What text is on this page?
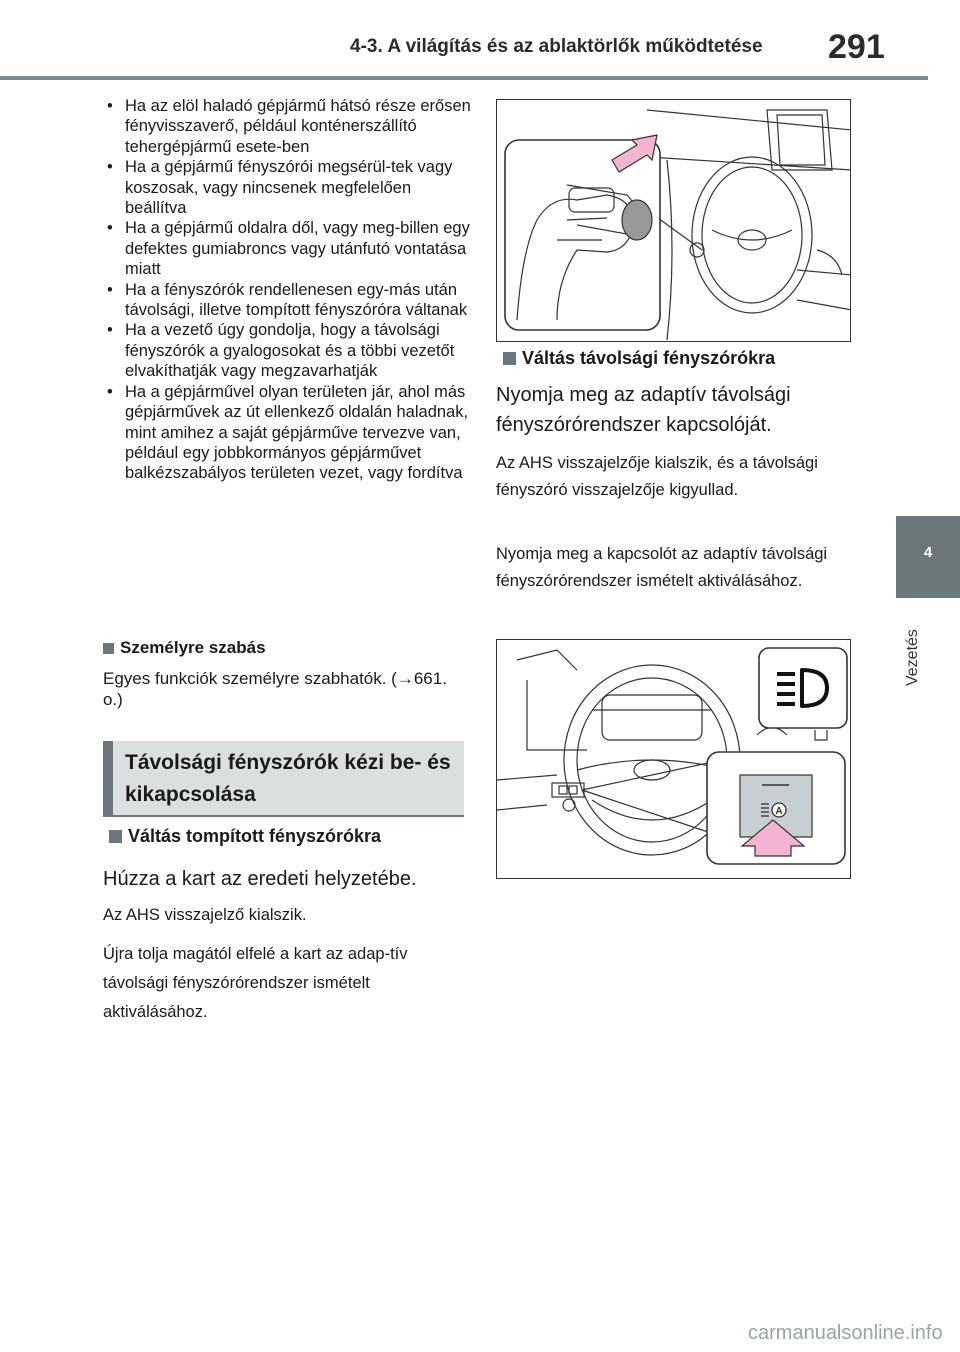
4-3. A világítás és az ablaktörlők működtetése 291
4
Vezetés
• Ha az elöl haladó gépjármű hátsó része erősen fényvisszaverő, például konténerszállító tehergépjármű esete-ben
• Ha a gépjármű fényszórói megsérül-tek vagy koszosak, vagy nincsenek megfelelően beállítva
• Ha a gépjármű oldalra dől, vagy meg-billen egy defektes gumiabroncs vagy utánfutó vontatása miatt
• Ha a fényszórók rendellenesen egy-más után távolsági, illetve tompított fényszóróra váltanak
• Ha a vezető úgy gondolja, hogy a távolsági fényszórók a gyalogosokat és a többi vezetőt elvakíthatják vagy megzavarhatják
• Ha a gépjárművel olyan területen jár, ahol más gépjárművek az út ellenkező oldalán haladnak, mint amihez a saját gépjárműve tervezve van, például egy jobbkormányos gépjárművet balkézszabályos területen vezet, vagy fordítva
Személyre szabás
Egyes funkciók személyre szabhatók. (→661. o.)
Távolsági fényszórók kézi be- és kikapcsolása
Váltás tompított fényszórókra
Húzza a kart az eredeti helyzetébe.
Az AHS visszajelző kialszik.
Újra tolja magától elfelé a kart az adap-tív távolsági fényszórórendszer ismételt aktiválásához.
Váltás távolsági fényszórókra
Nyomja meg az adaptív távolsági fényszórórendszer kapcsolóját.
Az AHS visszajelzője kialszik, és a távolsági fényszóró visszajelzője kigyullad.
Nyomja meg a kapcsolót az adaptív távolsági fényszórórendszer ismételt aktiválásához.
A
carmanualsonline.info
